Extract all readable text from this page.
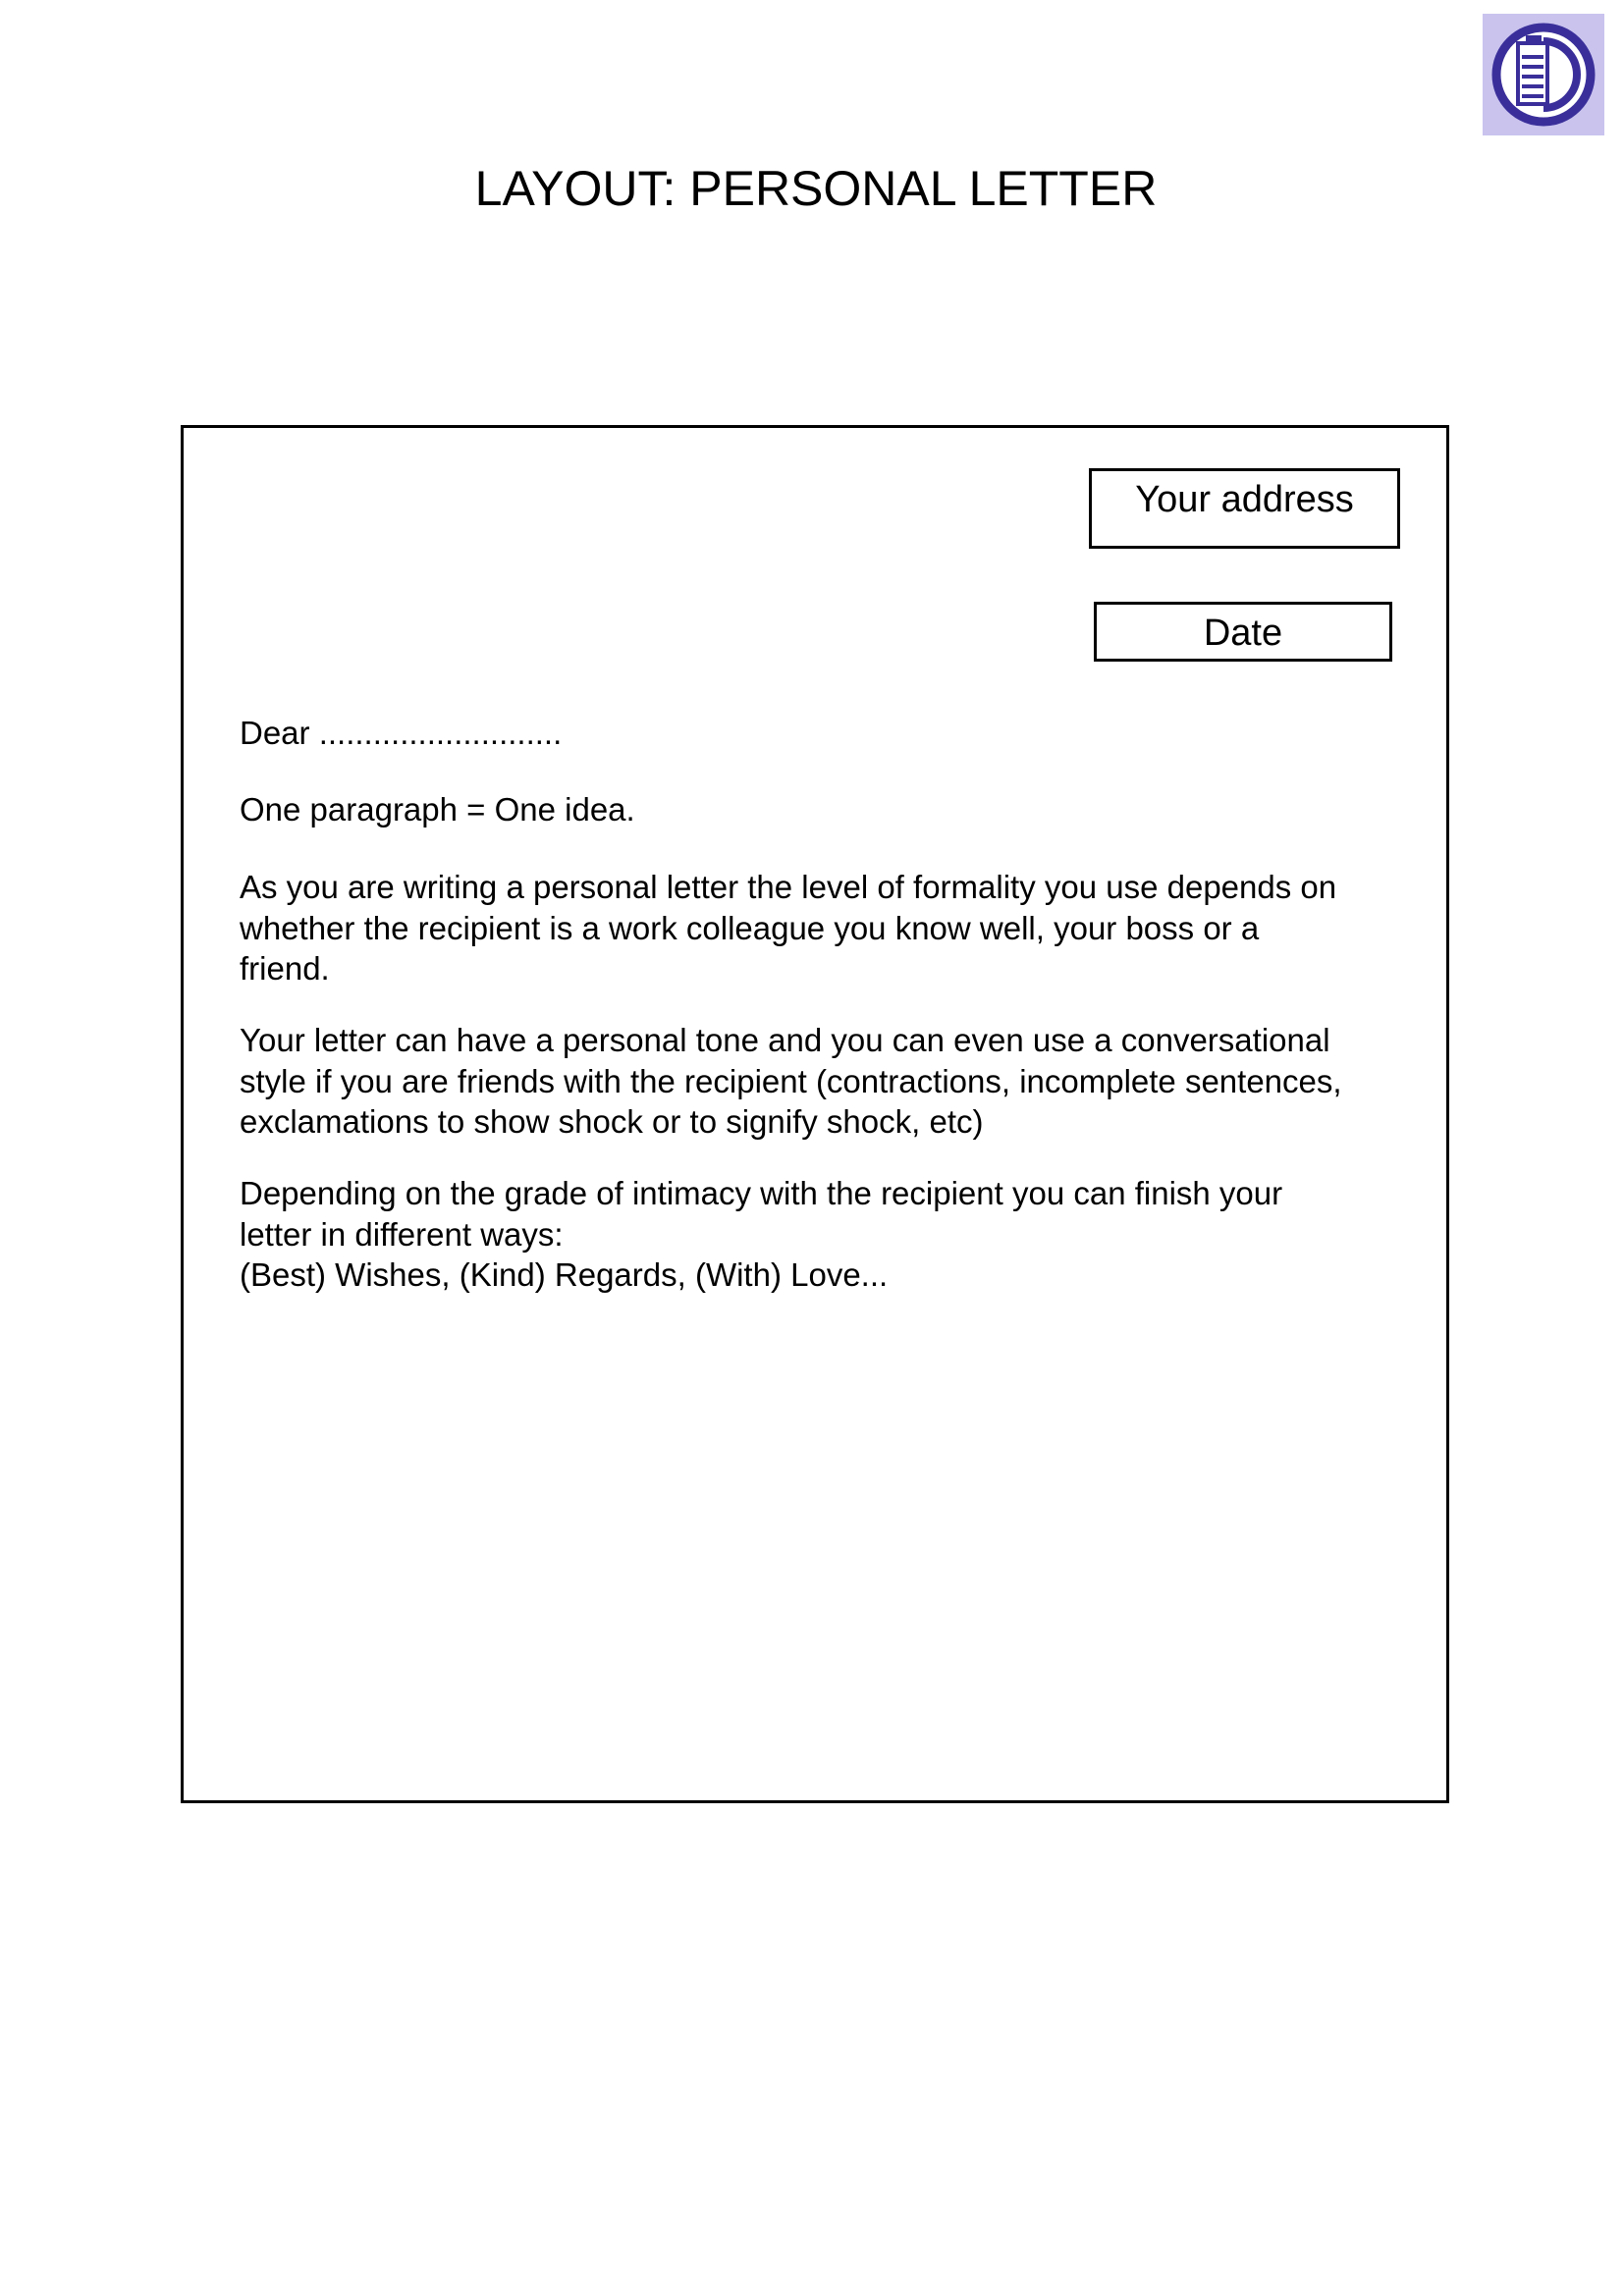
LAYOUT: PERSONAL LETTER
Your address
Date

Dear ...........................

One paragraph = One idea.

As you are writing a personal letter the level of formality you use depends on
whether the recipient is a work colleague you know well, your boss or a
friend.

Your letter can have a personal tone and you can even use a conversational
style if you are friends with the recipient (contractions, incomplete sentences,
exclamations to show shock or to signify shock, etc)

Depending on the grade of intimacy with the recipient you can finish your
letter in different ways:
(Best) Wishes, (Kind) Regards, (With) Love...
